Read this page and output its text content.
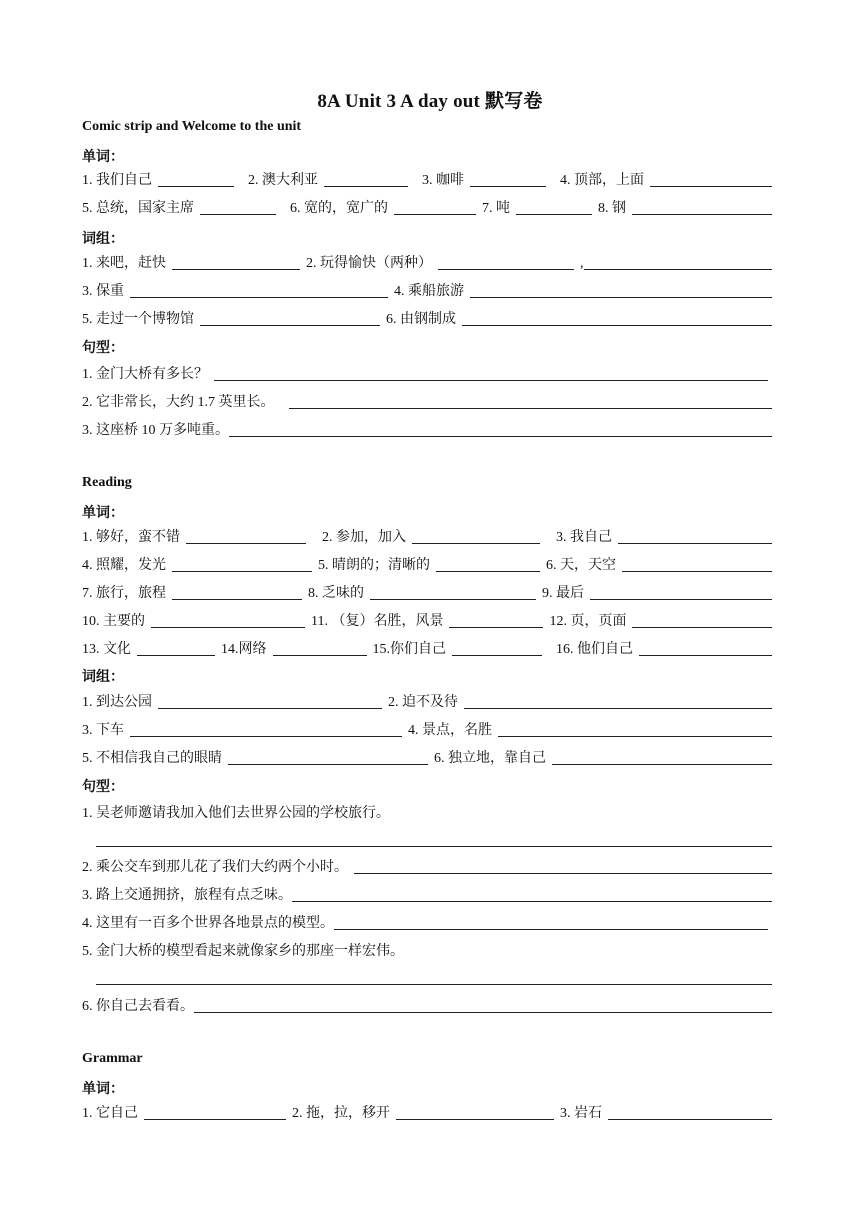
8A Unit 3 A day out 默写卷
Comic strip and Welcome to the unit
单词：
1. 我们自己	2. 澳大利亚	3. 咖啡	4. 顶部，上面
5. 总统，国家主席	6. 宽的，宽广的	7. 吨	8. 钢
词组：
1. 来吧，赶快	2. 玩得愉快（两种）	,
3. 保重	4. 乘船旅游
5. 走过一个博物馆	6. 由钢制成
句型：
1. 金门大桥有多长？
2. 它非常长，大约 1.7 英里长。
3. 这座桥 10 万多吨重。
Reading
单词：
1. 够好，蛮不错	2. 参加，加入	3. 我自己
4. 照耀，发光	5. 晴朗的；清晰的	6. 天，天空
7. 旅行，旅程	8. 乏味的	9. 最后
10. 主要的	11. （复）名胜，风景	12. 页，页面
13. 文化	14.网络	15.你们自己	16. 他们自己
词组：
1. 到达公园	2. 迫不及待
3. 下车	4. 景点，名胜
5. 不相信我自己的眼睛	6. 独立地，靠自己
句型：
1. 吴老师邀请我加入他们去世界公园的学校旅行。
2. 乘公交车到那儿花了我们大约两个小时。
3. 路上交通拥挤，旅程有点乏味。
4. 这里有一百多个世界各地景点的模型。
5. 金门大桥的模型看起来就像家乡的那座一样宏伟。
6. 你自己去看看。
Grammar
单词：
1. 它自己	2. 拖，拉，移开	3. 岩石
